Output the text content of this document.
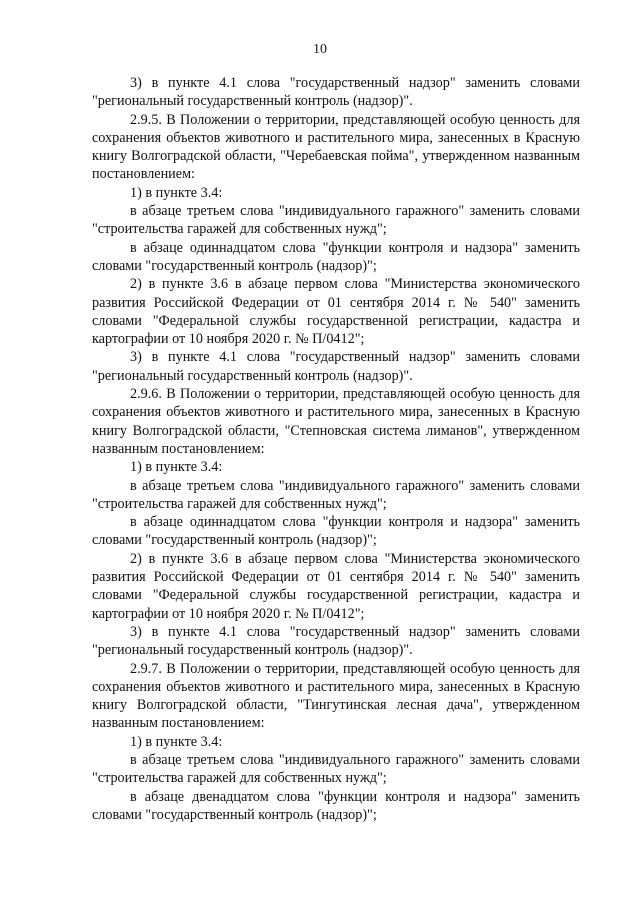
10

3) в пункте 4.1 слова "государственный надзор" заменить словами "региональный государственный контроль (надзор)".

2.9.5. В Положении о территории, представляющей особую ценность для сохранения объектов животного и растительного мира, занесенных в Красную книгу Волгоградской области, "Черебаевская пойма", утвержденном названным постановлением:

1) в пункте 3.4:

в абзаце третьем слова "индивидуального гаражного" заменить словами "строительства гаражей для собственных нужд";

в абзаце одиннадцатом слова "функции контроля и надзора" заменить словами "государственный контроль (надзор)";

2) в пункте 3.6 в абзаце первом слова "Министерства экономического развития Российской Федерации от 01 сентября 2014 г. № 540" заменить словами "Федеральной службы государственной регистрации, кадастра и картографии от 10 ноября 2020 г. № П/0412";

3) в пункте 4.1 слова "государственный надзор" заменить словами "региональный государственный контроль (надзор)".

2.9.6. В Положении о территории, представляющей особую ценность для сохранения объектов животного и растительного мира, занесенных в Красную книгу Волгоградской области, "Степновская система лиманов", утвержденном названным постановлением:

1) в пункте 3.4:

в абзаце третьем слова "индивидуального гаражного" заменить словами "строительства гаражей для собственных нужд";

в абзаце одиннадцатом слова "функции контроля и надзора" заменить словами "государственный контроль (надзор)";

2) в пункте 3.6 в абзаце первом слова "Министерства экономического развития Российской Федерации от 01 сентября 2014 г. № 540" заменить словами "Федеральной службы государственной регистрации, кадастра и картографии от 10 ноября 2020 г. № П/0412";

3) в пункте 4.1 слова "государственный надзор" заменить словами "региональный государственный контроль (надзор)".

2.9.7. В Положении о территории, представляющей особую ценность для сохранения объектов животного и растительного мира, занесенных в Красную книгу Волгоградской области, "Тингутинская лесная дача", утвержденном названным постановлением:

1) в пункте 3.4:

в абзаце третьем слова "индивидуального гаражного" заменить словами "строительства гаражей для собственных нужд";

в абзаце двенадцатом слова "функции контроля и надзора" заменить словами "государственный контроль (надзор)";
